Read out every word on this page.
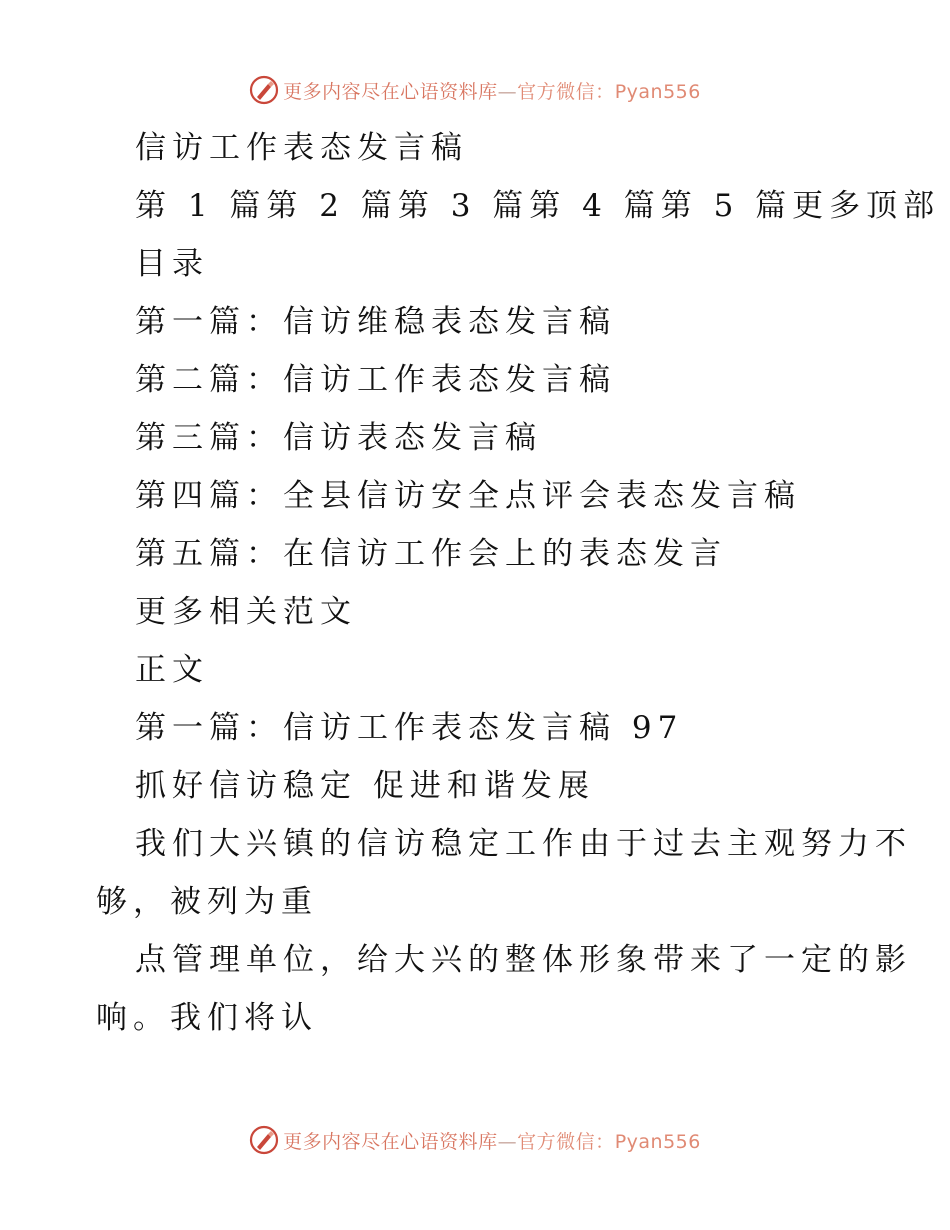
更多内容尽在心语资料库—官方微信：Pyan556
信访工作表态发言稿
第 1 篇第 2 篇第 3 篇第 4 篇第 5 篇更多顶部
目录
第一篇：信访维稳表态发言稿
第二篇：信访工作表态发言稿
第三篇：信访表态发言稿
第四篇：全县信访安全点评会表态发言稿
第五篇：在信访工作会上的表态发言
更多相关范文
正文
第一篇：信访工作表态发言稿 97
抓好信访稳定 促进和谐发展
我们大兴镇的信访稳定工作由于过去主观努力不
够，被列为重
点管理单位，给大兴的整体形象带来了一定的影
响。我们将认
更多内容尽在心语资料库—官方微信：Pyan556
